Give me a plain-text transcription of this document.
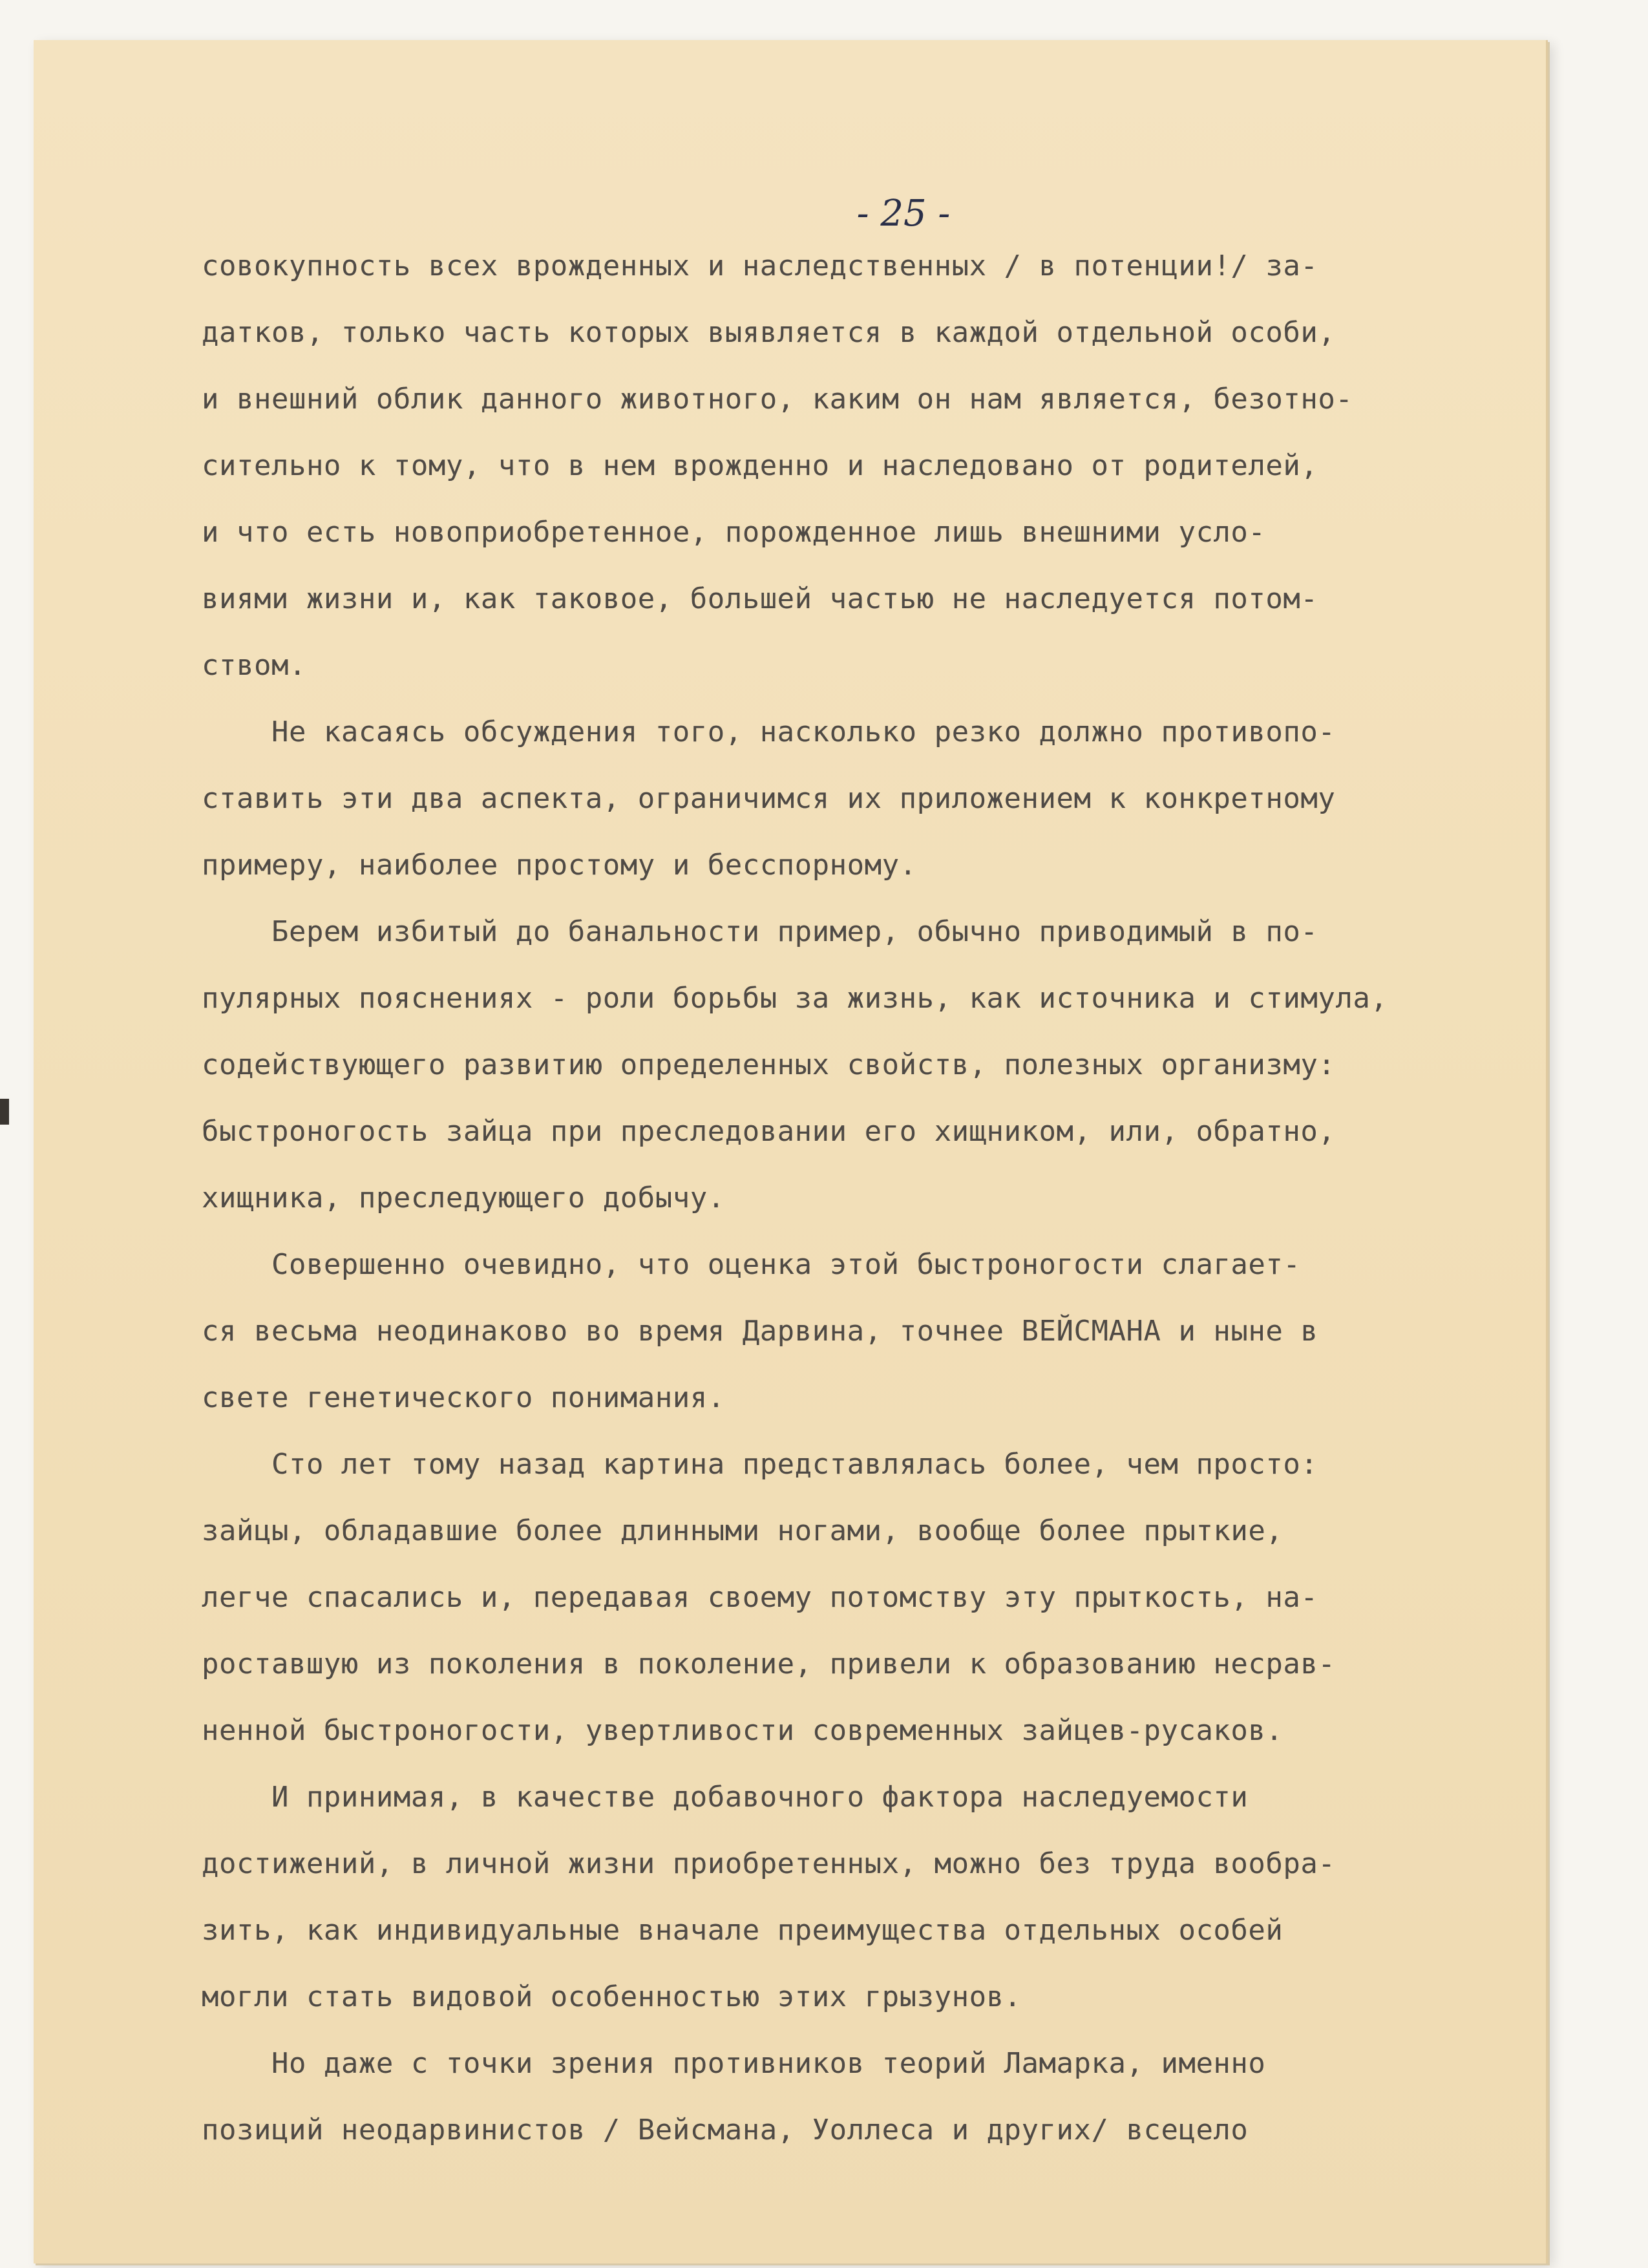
- 25 -
совокупность всех врожденных и наследственных / в потенции!/ за-
датков, только часть которых выявляется в каждой отдельной особи,
и внешний облик данного животного, каким он нам является, безотно-
сительно к тому, что в нем врожденно и наследовано от родителей,
и что есть новоприобретенное, порожденное лишь внешними усло-
виями жизни и, как таковое, большей частью не наследуется потом-
ством.
Не касаясь обсуждения того, насколько резко должно противопо-
ставить эти два аспекта, ограничимся их приложением к конкретному
примеру, наиболее простому и бесспорному.
Берем избитый до банальности пример, обычно приводимый в по-
пулярных пояснениях - роли борьбы за жизнь, как источника и стимула,
содействующего развитию определенных свойств, полезных организму:
быстроногость зайца при преследовании его хищником, или, обратно,
хищника, преследующего добычу.
Совершенно очевидно, что оценка этой быстроногости слагает-
ся весьма неодинаково во время Дарвина, точнее ВЕЙСМАНА и ныне в
свете генетического понимания.
Сто лет тому назад картина представлялась более, чем просто:
зайцы, обладавшие более длинными ногами, вообще более прыткие,
легче спасались и, передавая своему потомству эту прыткость, на-
роставшую из поколения в поколение, привели к образованию несрав-
ненной быстроногости, увертливости современных зайцев-русаков.
И принимая, в качестве добавочного фактора наследуемости
достижений, в личной жизни приобретенных, можно без труда вообра-
зить, как индивидуальные вначале преимущества отдельных особей
могли стать видовой особенностью этих грызунов.
Но даже с точки зрения противников теорий Ламарка, именно
позиций неодарвинистов / Вейсмана, Уоллеса и других/ всецело
